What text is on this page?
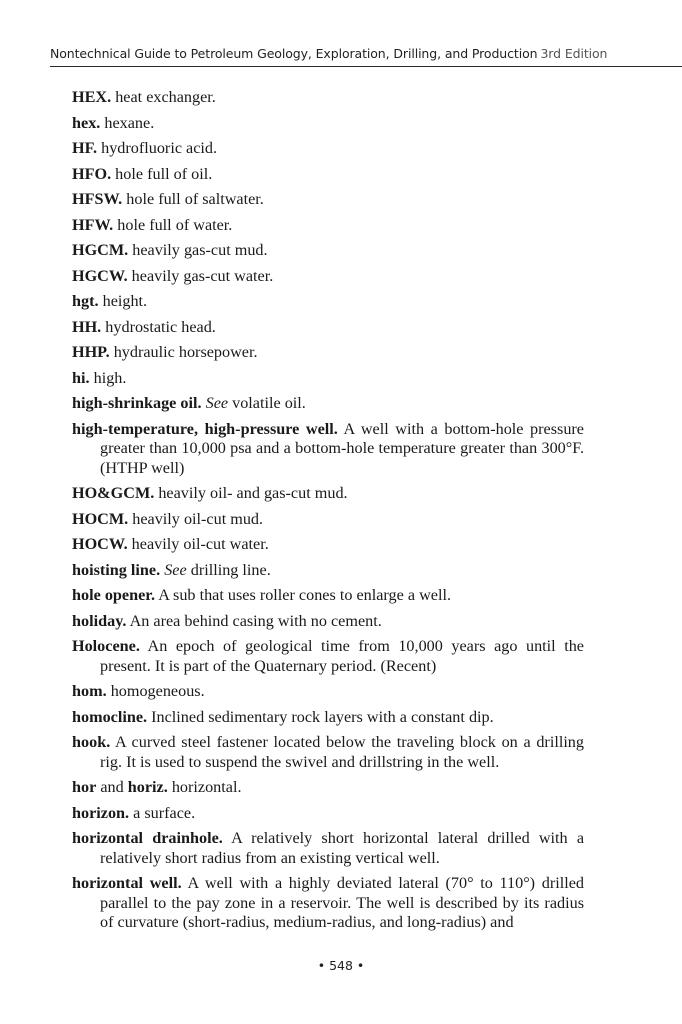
Nontechnical Guide to Petroleum Geology, Exploration, Drilling, and Production 3rd Edition
HEX. heat exchanger.
hex. hexane.
HF. hydrofluoric acid.
HFO. hole full of oil.
HFSW. hole full of saltwater.
HFW. hole full of water.
HGCM. heavily gas-cut mud.
HGCW. heavily gas-cut water.
hgt. height.
HH. hydrostatic head.
HHP. hydraulic horsepower.
hi. high.
high-shrinkage oil. See volatile oil.
high-temperature, high-pressure well. A well with a bottom-hole pressure greater than 10,000 psa and a bottom-hole temperature greater than 300°F. (HTHP well)
HO&GCM. heavily oil- and gas-cut mud.
HOCM. heavily oil-cut mud.
HOCW. heavily oil-cut water.
hoisting line. See drilling line.
hole opener. A sub that uses roller cones to enlarge a well.
holiday. An area behind casing with no cement.
Holocene. An epoch of geological time from 10,000 years ago until the present. It is part of the Quaternary period. (Recent)
hom. homogeneous.
homocline. Inclined sedimentary rock layers with a constant dip.
hook. A curved steel fastener located below the traveling block on a drilling rig. It is used to suspend the swivel and drillstring in the well.
hor and horiz. horizontal.
horizon. a surface.
horizontal drainhole. A relatively short horizontal lateral drilled with a relatively short radius from an existing vertical well.
horizontal well. A well with a highly deviated lateral (70° to 110°) drilled parallel to the pay zone in a reservoir. The well is described by its radius of curvature (short-radius, medium-radius, and long-radius) and
• 548 •
